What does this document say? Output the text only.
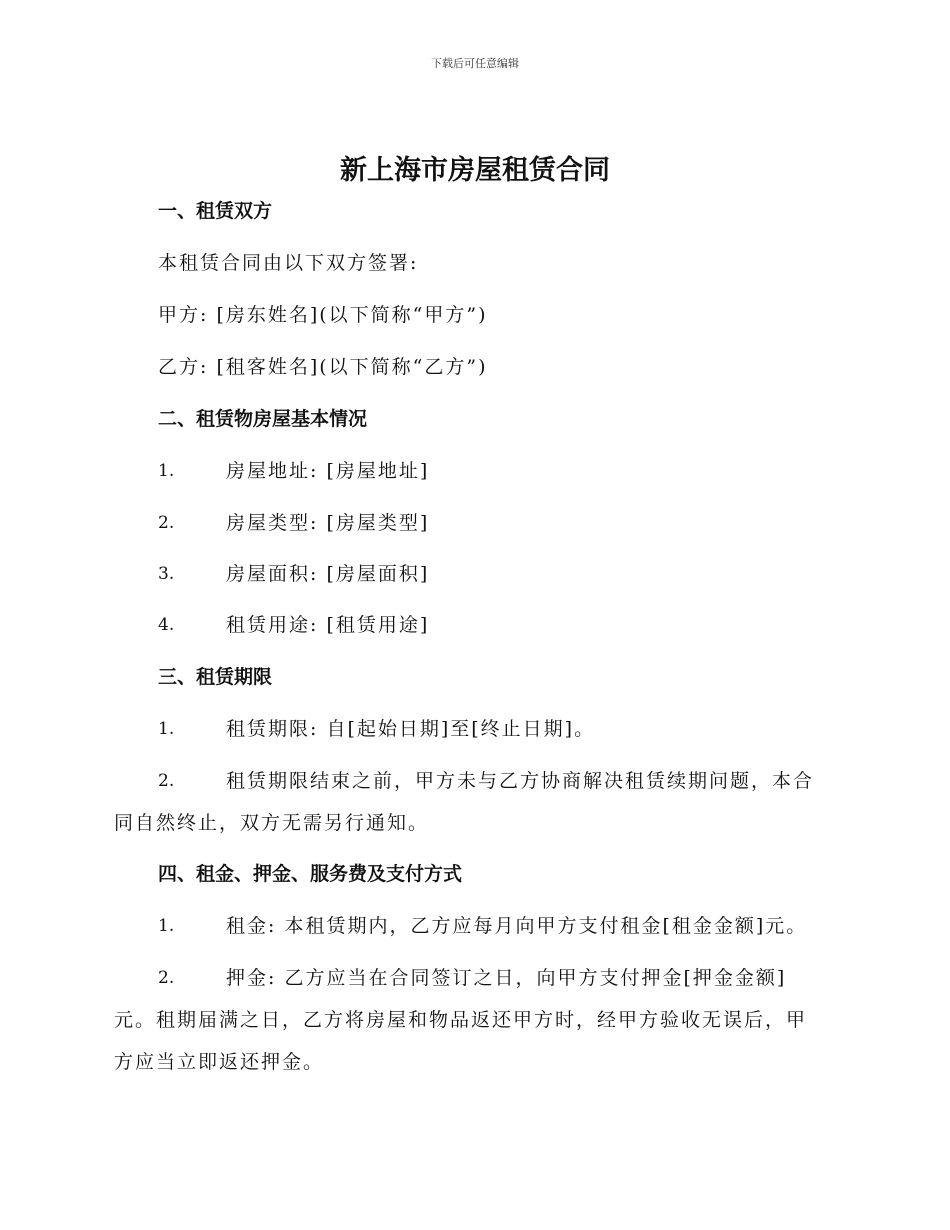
下载后可任意编辑
新上海市房屋租赁合同
一、租赁双方
本租赁合同由以下双方签署:
甲方: [房东姓名](以下简称“甲方”)
乙方: [租客姓名](以下简称“乙方”)
二、租赁物房屋基本情况
1.	房屋地址: [房屋地址]
2.	房屋类型: [房屋类型]
3.	房屋面积: [房屋面积]
4.	租赁用途: [租赁用途]
三、租赁期限
1.	租赁期限: 自[起始日期]至[终止日期]。
2.	租赁期限结束之前，甲方未与乙方协商解决租赁续期问题，本合
同自然终止，双方无需另行通知。
四、租金、押金、服务费及支付方式
1.	租金: 本租赁期内，乙方应每月向甲方支付租金[租金金额]元。
2.	押金: 乙方应当在合同签订之日，向甲方支付押金[押金金额]
元。租期届满之日，乙方将房屋和物品返还甲方时，经甲方验收无误后，甲
方应当立即返还押金。
